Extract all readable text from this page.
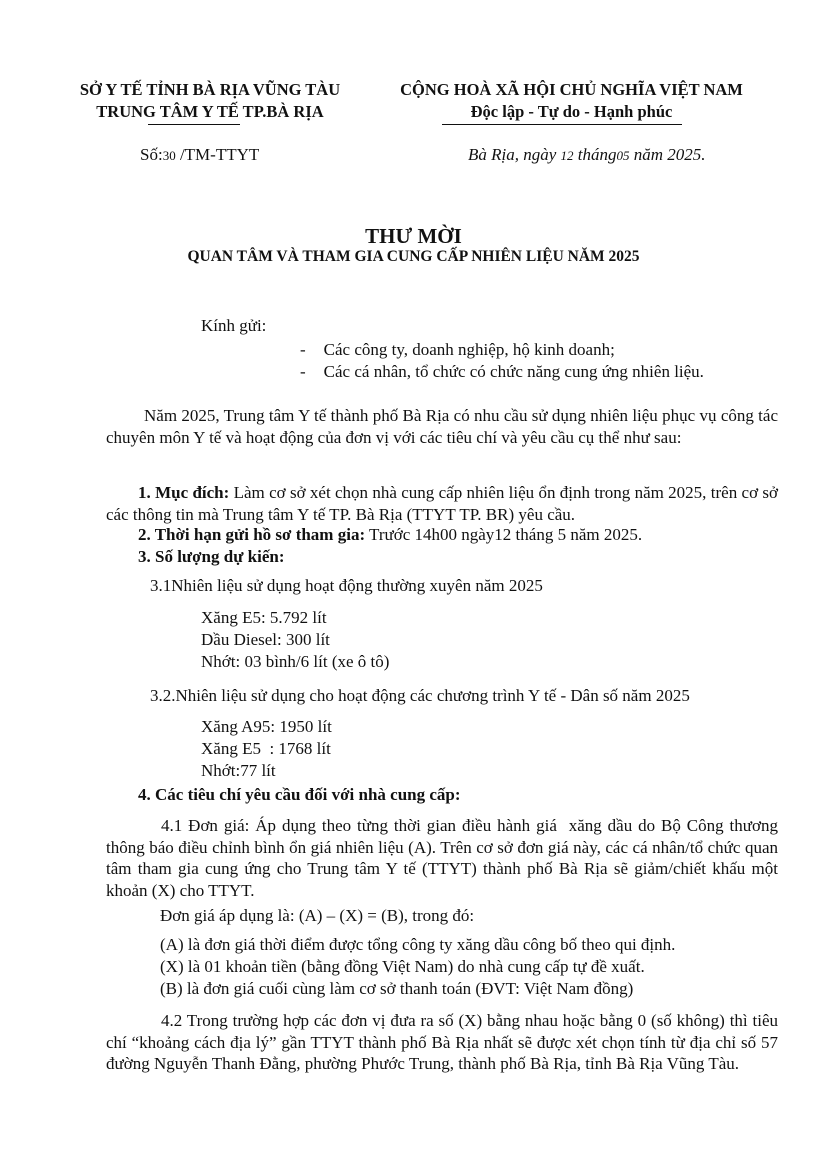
SỞ Y TẾ TỈNH BÀ RỊA VŨNG TÀU
TRUNG TÂM Y TẾ TP.BÀ RỊA
CỘNG HOÀ XÃ HỘI CHỦ NGHĨA VIỆT NAM
Độc lập - Tự do - Hạnh phúc
Số:30 /TM-TTYT	Bà Rịa, ngày 12 tháng05 năm 2025.
THƯ MỜI
QUAN TÂM VÀ THAM GIA CUNG CẤP NHIÊN LIỆU NĂM 2025
Kính gửi:
- Các công ty, doanh nghiệp, hộ kinh doanh;
- Các cá nhân, tổ chức có chức năng cung ứng nhiên liệu.
Năm 2025, Trung tâm Y tế thành phố Bà Rịa có nhu cầu sử dụng nhiên liệu phục vụ công tác chuyên môn Y tế và hoạt động của đơn vị với các tiêu chí và yêu cầu cụ thể như sau:
1. Mục đích: Làm cơ sở xét chọn nhà cung cấp nhiên liệu ổn định trong năm 2025, trên cơ sở các thông tin mà Trung tâm Y tế TP. Bà Rịa (TTYT TP. BR) yêu cầu.
2. Thời hạn gửi hồ sơ tham gia: Trước 14h00 ngày12 tháng 5 năm 2025.
3. Số lượng dự kiến:
3.1Nhiên liệu sử dụng hoạt động thường xuyên năm 2025
Xăng E5: 5.792 lít
Dầu Diesel: 300 lít
Nhớt: 03 bình/6 lít (xe ô tô)
3.2.Nhiên liệu sử dụng cho hoạt động các chương trình Y tế - Dân số năm 2025
Xăng A95: 1950 lít
Xăng E5  : 1768 lít
Nhớt:77 lít
4. Các tiêu chí yêu cầu đối với nhà cung cấp:
4.1 Đơn giá: Áp dụng theo từng thời gian điều hành giá  xăng dầu do Bộ Công thương thông báo điều chỉnh bình ổn giá nhiên liệu (A). Trên cơ sở đơn giá này, các cá nhân/tổ chức quan tâm tham gia cung ứng cho Trung tâm Y tế (TTYT) thành phố Bà Rịa sẽ giảm/chiết khấu một khoản (X) cho TTYT.
Đơn giá áp dụng là: (A) – (X) = (B), trong đó:
(A) là đơn giá thời điểm được tổng công ty xăng dầu công bố theo qui định.
(X) là 01 khoản tiền (bằng đồng Việt Nam) do nhà cung cấp tự đề xuất.
(B) là đơn giá cuối cùng làm cơ sở thanh toán (ĐVT: Việt Nam đồng)
4.2 Trong trường hợp các đơn vị đưa ra số (X) bằng nhau hoặc bằng 0 (số không) thì tiêu chí “khoảng cách địa lý” gần TTYT thành phố Bà Rịa nhất sẽ được xét chọn tính từ địa chỉ số 57 đường Nguyễn Thanh Đằng, phường Phước Trung, thành phố Bà Rịa, tỉnh Bà Rịa Vũng Tàu.
